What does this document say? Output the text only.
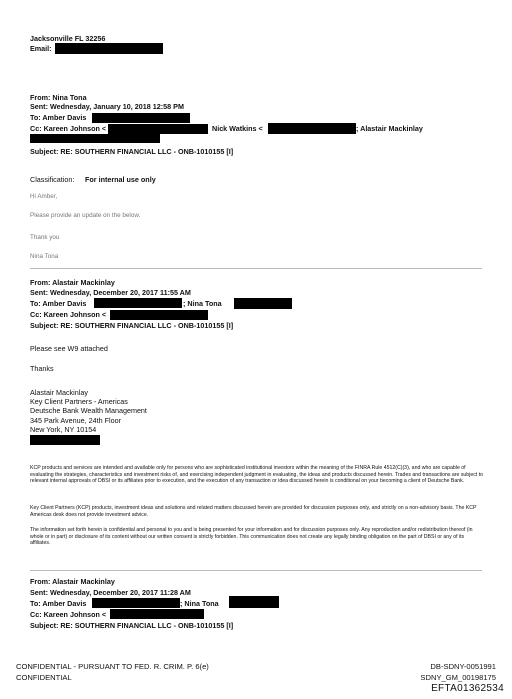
Jacksonville FL 32256
Email:
From: Nina Tona
Sent: Wednesday, January 10, 2018 12:58 PM
To: Amber Davis
Cc: Kareen Johnson <	Nick Watkins <	; Alastair Mackinlay
Subject: RE: SOUTHERN FINANCIAL LLC - ONB-1010155 [I]
Classification: For internal use only
Hi Amber,
Please provide an update on the below.
Thank you
Nina Tona
From: Alastair Mackinlay
Sent: Wednesday, December 20, 2017 11:55 AM
To: Amber Davis	; Nina Tona
Cc: Kareen Johnson <
Subject: RE: SOUTHERN FINANCIAL LLC - ONB-1010155 [I]
Please see W9 attached
Thanks
Alastair Mackinlay
Key Client Partners - Americas
Deutsche Bank Wealth Management
345 Park Avenue, 24th Floor
New York, NY 10154
KCP products and services are intended and available only for persons who are sophisticated institutional investors within the meaning of the FINRA Rule 4512(C)(3), and who are capable of evaluating the strategies, characteristics and investment risks of, and exercising independent judgment in evaluating, the ideas and products discussed herein. Trades and transactions are subject to relevant internal approvals of DBSI or its affiliates prior to execution, and the execution of any transaction or idea discussed herein is conditional on your becoming a client of Deutsche Bank.
Key Client Partners (KCP) products, investment ideas and solutions and related matters discussed herein are provided for discussion purposes only, and strictly on a non-advisory basis. The KCP Americas desk does not provide investment advice.
The information set forth herein is confidential and personal to you and is being presented for your information and for discussion purposes only. Any reproduction and/or redistribution thereof (in whole or in part) or disclosure of its content without our written consent is strictly forbidden. This communication does not create any legally binding obligation on the part of DBSI or any of its affiliates.
From: Alastair Mackinlay
Sent: Wednesday, December 20, 2017 11:28 AM
To: Amber Davis	; Nina Tona
Cc: Kareen Johnson <
Subject: RE: SOUTHERN FINANCIAL LLC - ONB-1010155 [I]
CONFIDENTIAL - PURSUANT TO FED. R. CRIM. P. 6(e)
CONFIDENTIAL
DB-SDNY-0051991
SDNY_GM_00198175
EFTA01362534
